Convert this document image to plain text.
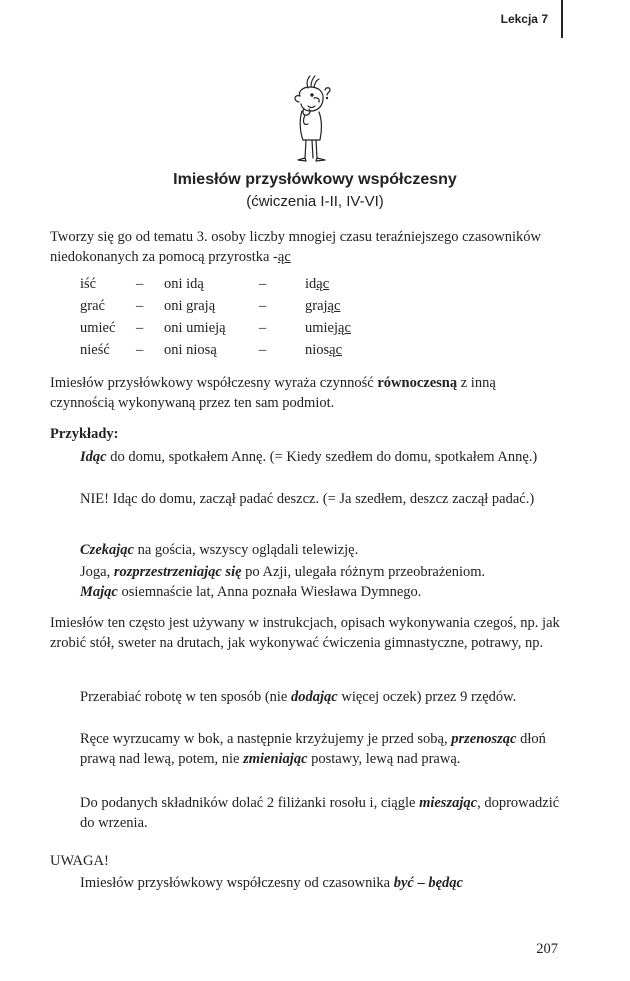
Lekcja 7
Imiesłów przysłówkowy współczesny
(ćwiczenia I-II, IV-VI)

Tworzy się go od tematu 3. osoby liczby mnogiej czasu teraźniejszego czasowników niedokonanych za pomocą przyrostka -ąc

iść	– oni idą	–	idąc
grać – oni grają	–	grając
umieć – oni umieją –	umiejąc
nieść – oni niosą	–	niosąc

Imiesłów przysłówkowy współczesny wyraża czynność równoczesną z inną czynnością wykonywaną przez ten sam podmiot.

Przykłady:

Idąc do domu, spotkałem Annę. (= Kiedy szedłem do domu, spotkałem Annę.)

NIE! Idąc do domu, zaczął padać deszcz. (= Ja szedłem, deszcz zaczął padać.)

Czekając na gościa, wszyscy oglądali telewizję.

Joga, rozprzestrzeniając się po Azji, ulegała różnym przeobrażeniom.

Mając osiemnaście lat, Anna poznała Wiesława Dymnego.

Imiesłów ten często jest używany w instrukcjach, opisach wykonywania czegoś, np. jak zrobić stół, sweter na drutach, jak wykonywać ćwiczenia gimnastyczne, potrawy, np.

Przerabiać robotę w ten sposób (nie dodając więcej oczek) przez 9 rzędów.

Ręce wyrzucamy w bok, a następnie krzyżujemy je przed sobą, przenosząc dłoń prawą nad lewą, potem, nie zmieniając postawy, lewą nad prawą.

Do podanych składników dolać 2 filiżanki rosołu i, ciągle mieszając, doprowadzić do wrzenia.

UWAGA!

Imiesłów przysłówkowy współczesny od czasownika być – będąc

207
